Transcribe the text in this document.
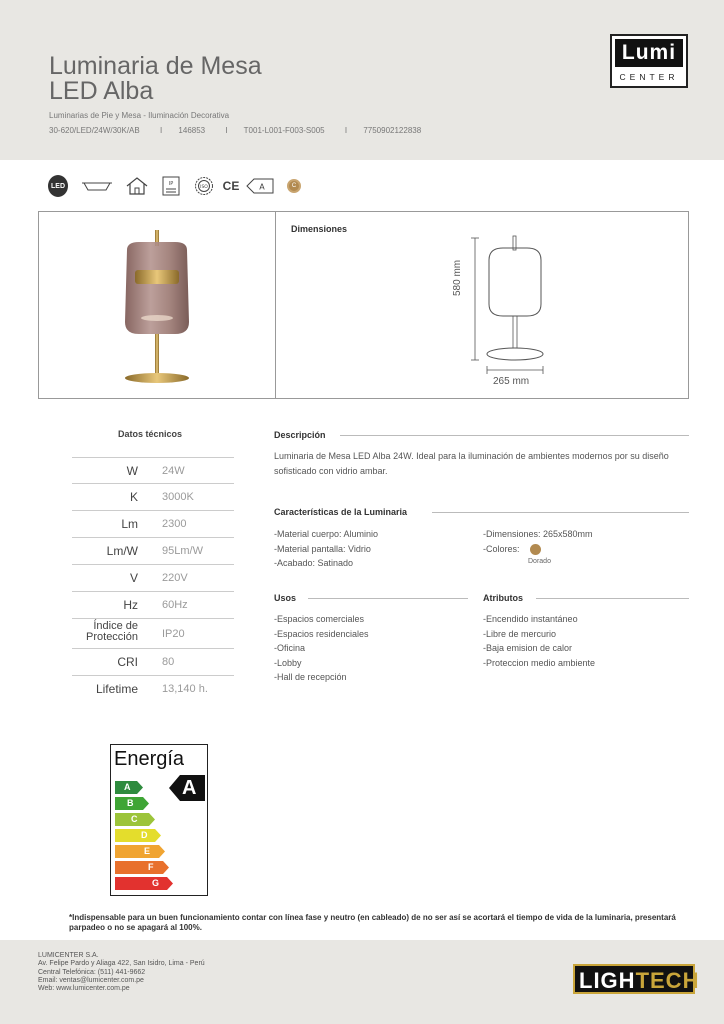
Luminaria de Mesa
LED Alba
Luminarias de Pie y Mesa - Iluminación Decorativa
30-620/LED/24W/30K/AB	I 146853	I T001-L001-F003-S005	I 7750902122838
Lumi
CENTER
LED	IP
ISO CE A	C
Dimensiones
580 mm
265 mm
Datos técnicos
W 24W
K 3000K
Lm 2300
Lm/W 95Lm/W
V 220V
Hz 60Hz
Índice de
Protección IP20
CRI 80
Lifetime 13,140 h.
Descripción
Luminaria de Mesa LED Alba 24W. Ideal para la iluminación de ambientes modernos por su diseño sofisticado con vidrio ambar.
Características de la Luminaria
-Material cuerpo: Aluminio
-Material pantalla: Vidrio
-Acabado: Satinado
-Dimensiones: 265x580mm
-Colores:
Dorado
Usos
-Espacios comerciales
-Espacios residenciales
-Oficina
-Lobby
-Hall de recepción
Atributos
-Encendido instantáneo
-Libre de mercurio
-Baja emision de calor
-Proteccion medio ambiente
Energía
A
A
B
C
D
E
F
G
*Indispensable para un buen funcionamiento contar con línea fase y neutro (en cableado) de no ser así se acortará el tiempo de vida de la luminaria, presentará parpadeo o no se apagará al 100%.
LUMICENTER S.A.
Av. Felipe Pardo y Aliaga 422, San Isidro, Lima - Perú
Central Telefónica: (511) 441-9662
Email: ventas@lumicenter.com.pe
Web: www.lumicenter.com.pe	LIGHTECH
